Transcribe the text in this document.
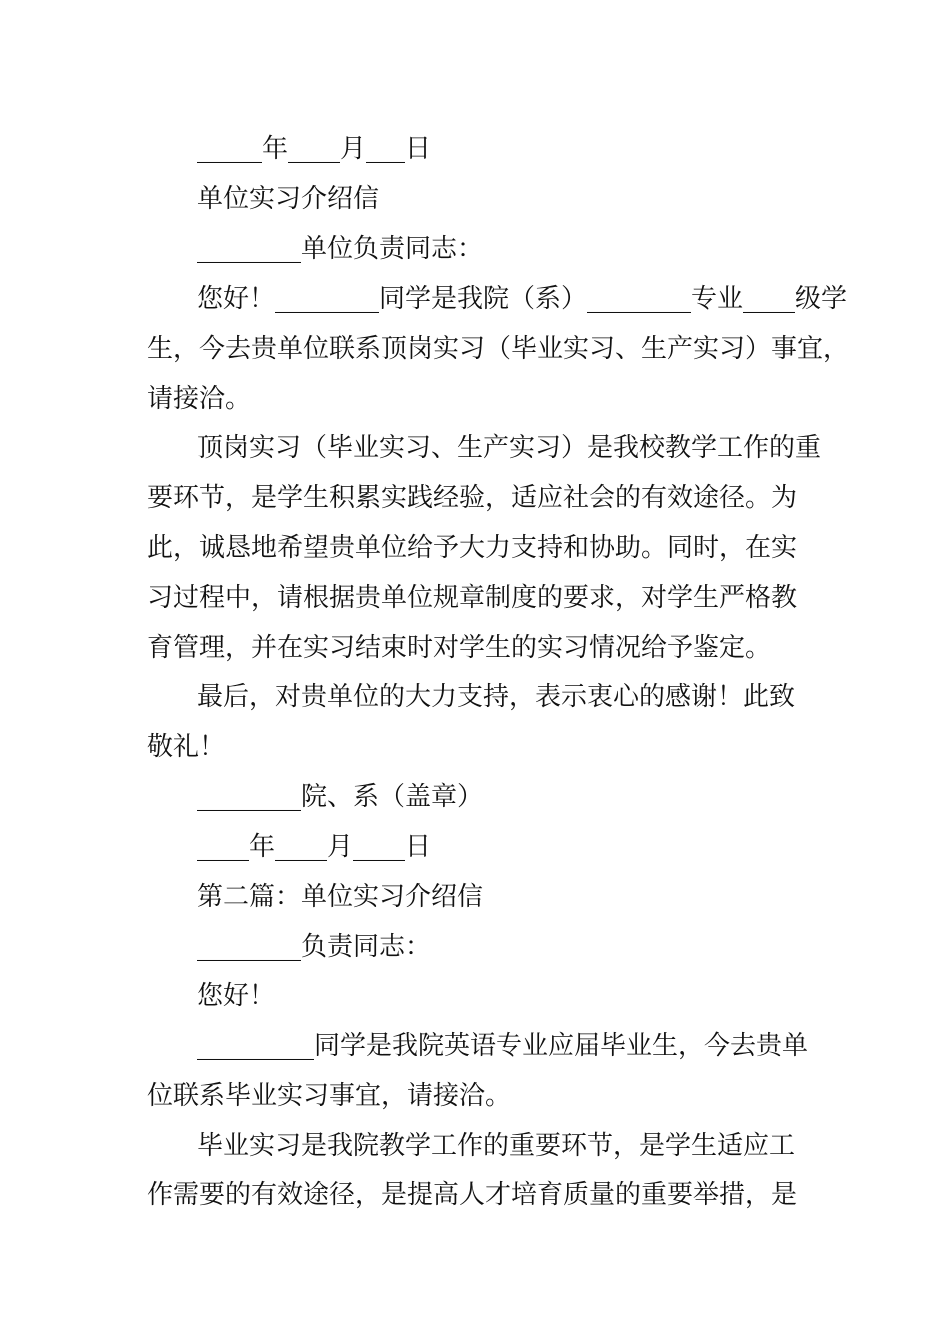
_____年____月___日
单位实习介绍信
________单位负责同志：
您好！________同学是我院（系）________专业____级学
生，今去贵单位联系顶岗实习（毕业实习、生产实习）事宜，
请接洽。
顶岗实习（毕业实习、生产实习）是我校教学工作的重
要环节，是学生积累实践经验，适应社会的有效途径。为
此，诚恳地希望贵单位给予大力支持和协助。同时，在实
习过程中，请根据贵单位规章制度的要求，对学生严格教
育管理，并在实习结束时对学生的实习情况给予鉴定。
最后，对贵单位的大力支持，表示衷心的感谢！此致
敬礼！
________院、系（盖章）
____年____月____日
第二篇：单位实习介绍信
________负责同志：
您好！
_________同学是我院英语专业应届毕业生，今去贵单
位联系毕业实习事宜，请接洽。
毕业实习是我院教学工作的重要环节，是学生适应工
作需要的有效途径，是提高人才培育质量的重要举措，是
